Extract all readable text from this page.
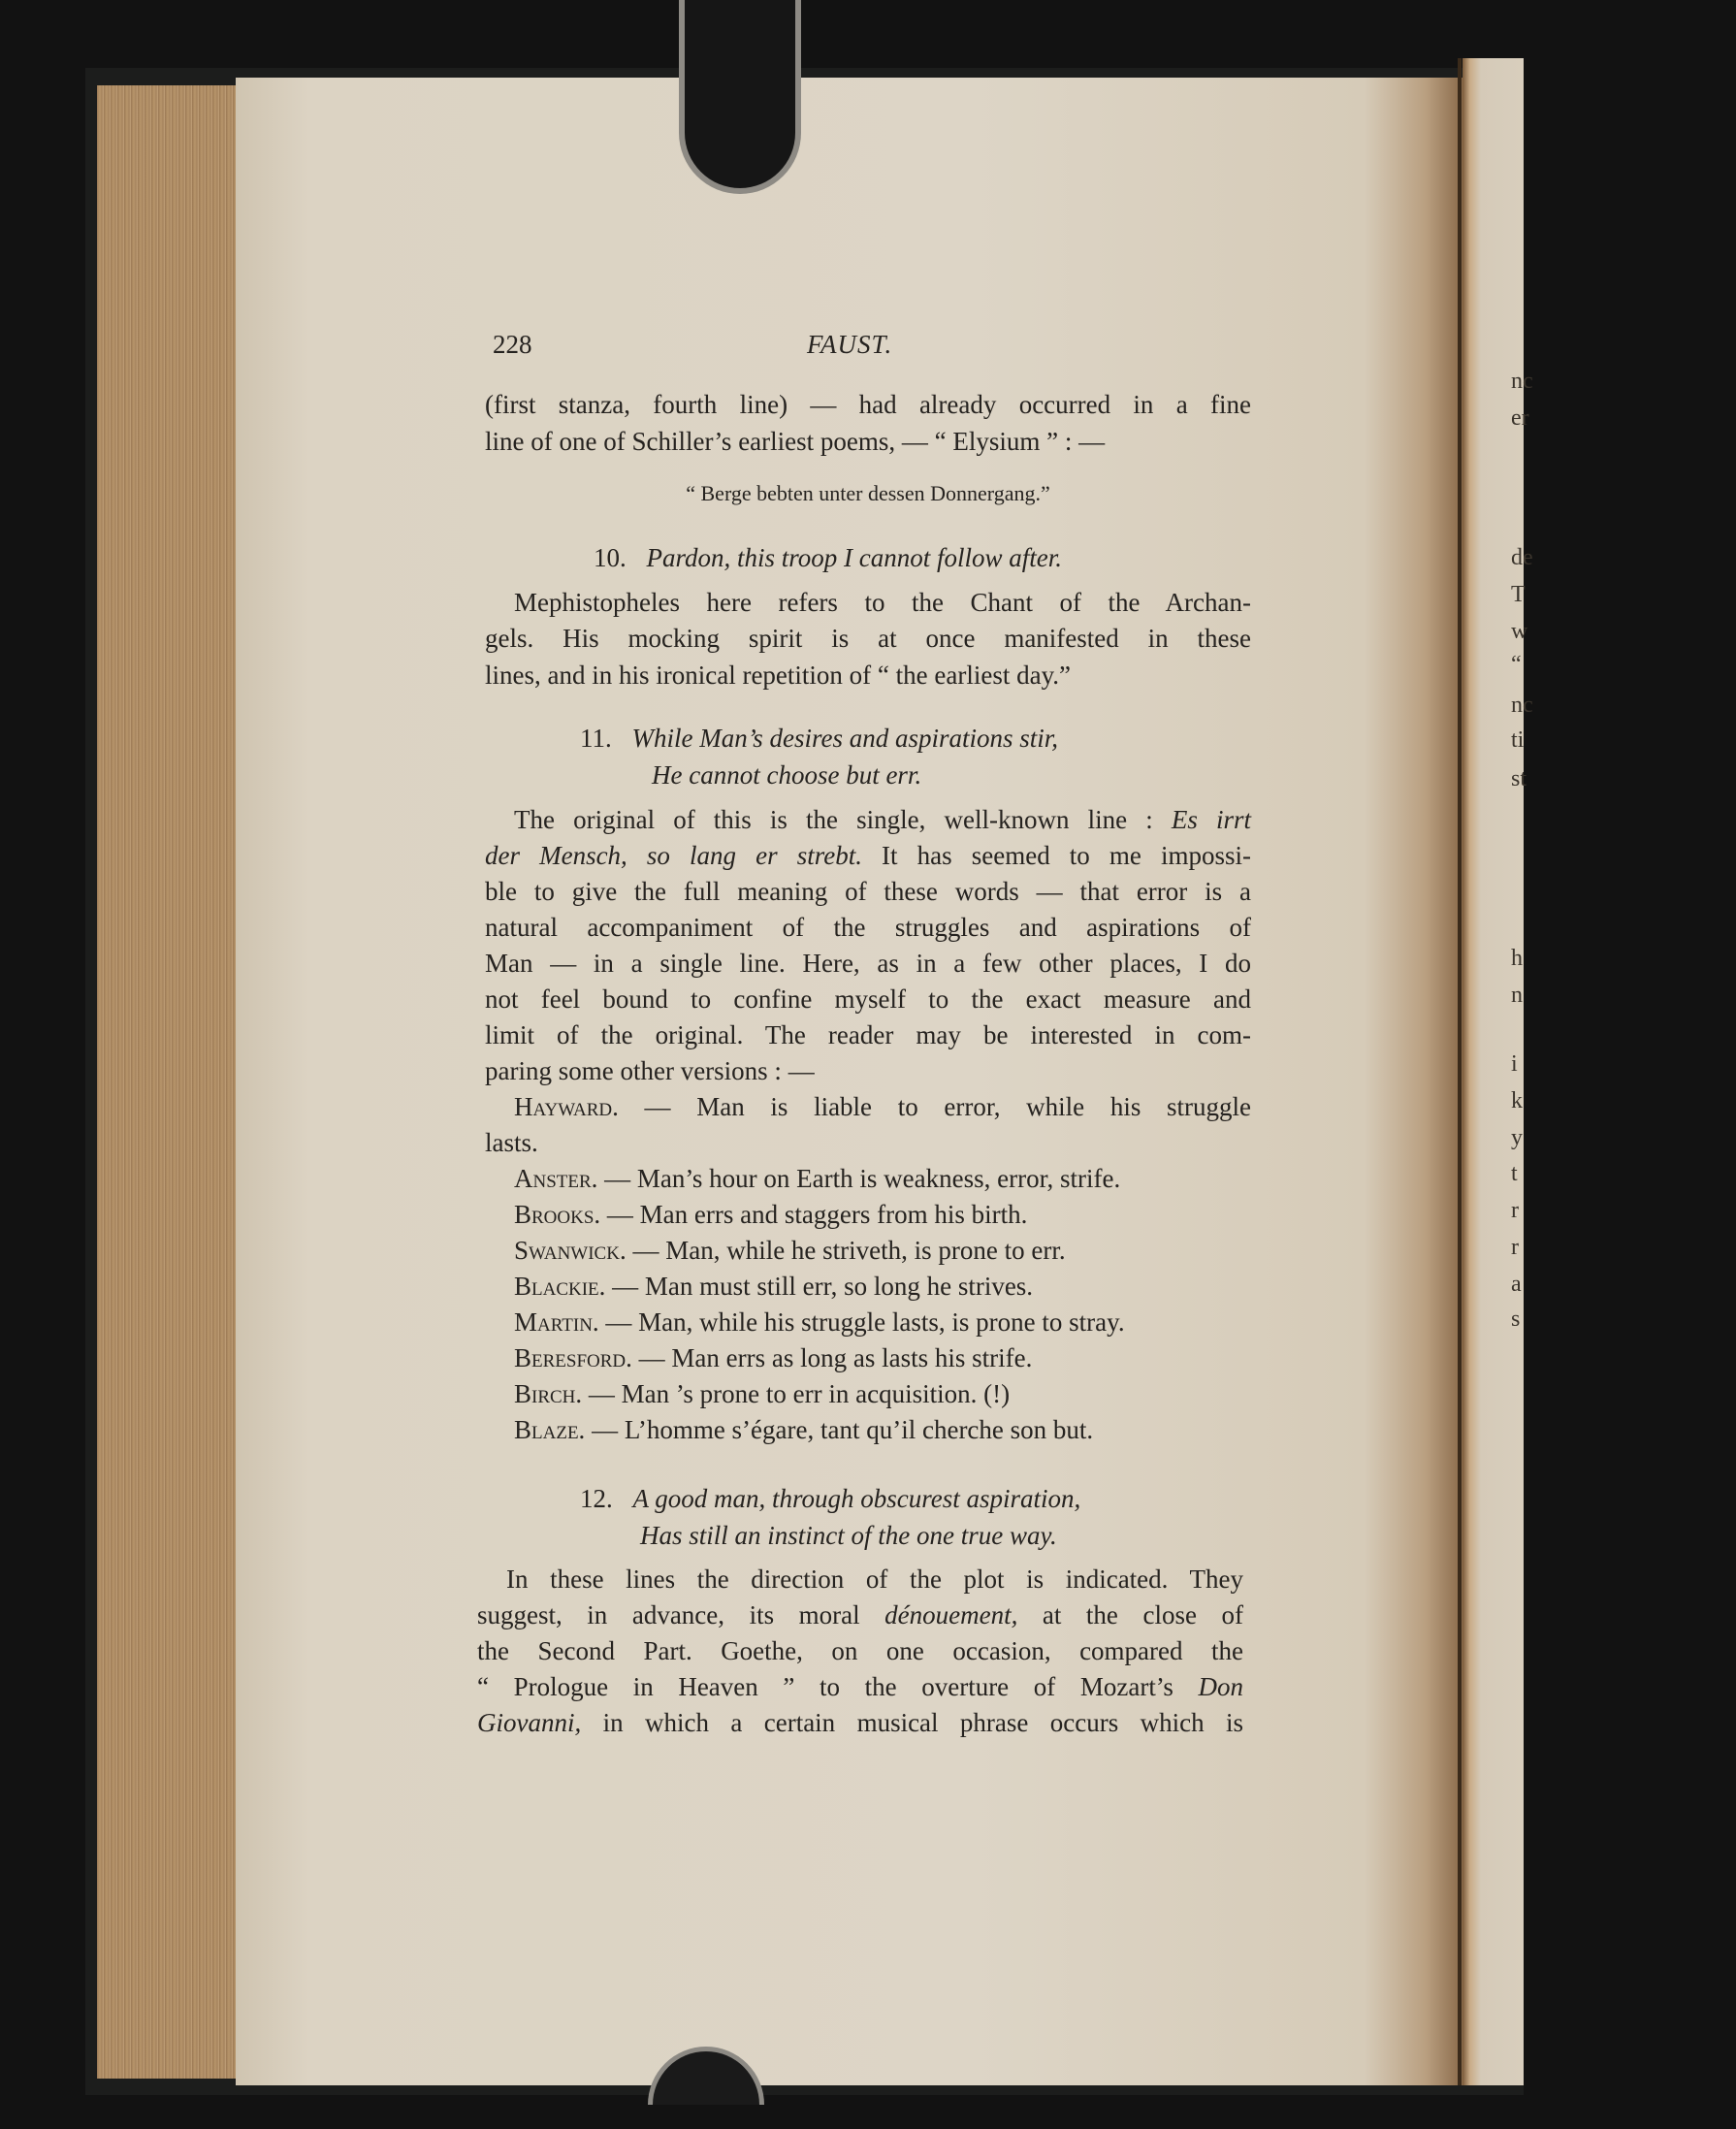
228	FAUST.
(first stanza, fourth line) — had already occurred in a fine
line of one of Schiller’s earliest poems, — “ Elysium ” : —
“ Berge bebten unter dessen Donnergang.”
10. Pardon, this troop I cannot follow after.
Mephistopheles here refers to the Chant of the Archan-
gels. His mocking spirit is at once manifested in these
lines, and in his ironical repetition of “ the earliest day.”
11. While Man’s desires and aspirations stir,
He cannot choose but err.
The original of this is the single, well-known line : Es irrt
der Mensch, so lang er strebt. It has seemed to me impossi-
ble to give the full meaning of these words — that error is a
natural accompaniment of the struggles and aspirations of
Man — in a single line. Here, as in a few other places, I do
not feel bound to confine myself to the exact measure and
limit of the original. The reader may be interested in com-
paring some other versions : —
Hayward. — Man is liable to error, while his struggle
lasts.
Anster. — Man’s hour on Earth is weakness, error, strife.
Brooks. — Man errs and staggers from his birth.
Swanwick. — Man, while he striveth, is prone to err.
Blackie. — Man must still err, so long he strives.
Martin. — Man, while his struggle lasts, is prone to stray.
Beresford. — Man errs as long as lasts his strife.
Birch. — Man ’s prone to err in acquisition. (!)
Blaze. — L’homme s’égare, tant qu’il cherche son but.
12. A good man, through obscurest aspiration,
Has still an instinct of the one true way.
In these lines the direction of the plot is indicated. They
suggest, in advance, its moral dénouement, at the close of
the Second Part. Goethe, on one occasion, compared the
“ Prologue in Heaven ” to the overture of Mozart’s Don
Giovanni, in which a certain musical phrase occurs which is
nc
er
de
T
w
“
nc
ti
st
h
n
i
k
y
t
r
r
a
s
